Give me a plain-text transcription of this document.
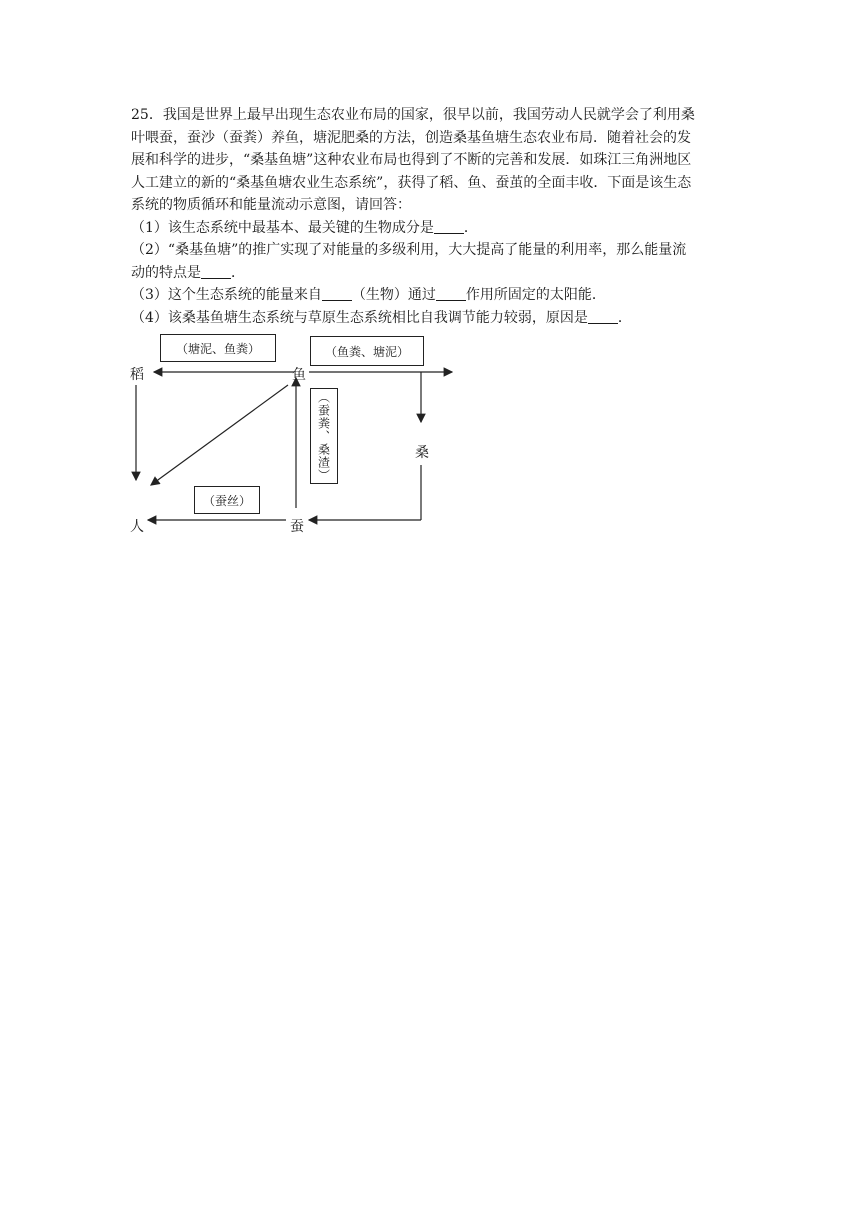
25．我国是世界上最早出现生态农业布局的国家，很早以前，我国劳动人民就学会了利用桑

叶喂蚕，蚕沙（蚕粪）养鱼，塘泥肥桑的方法，创造桑基鱼塘生态农业布局．随着社会的发

展和科学的进步，“桑基鱼塘”这种农业布局也得到了不断的完善和发展．如珠江三角洲地区

人工建立的新的“桑基鱼塘农业生态系统”，获得了稻、鱼、蚕茧的全面丰收．下面是该生态

系统的物质循环和能量流动示意图，请回答：

（1）该生态系统中最基本、最关键的生物成分是 ．

（2）“桑基鱼塘”的推广实现了对能量的多级利用，大大提高了能量的利用率，那么能量流

动的特点是 ．

（3）这个生态系统的能量来自 （生物）通过 作用所固定的太阳能．

（4）该桑基鱼塘生态系统与草原生态系统相比自我调节能力较弱，原因是 ．

稻	鱼
桑
蚕
人
（塘泥、鱼粪）	（鱼粪、塘泥）
（蚕粪、桑渣）
（蚕丝）
